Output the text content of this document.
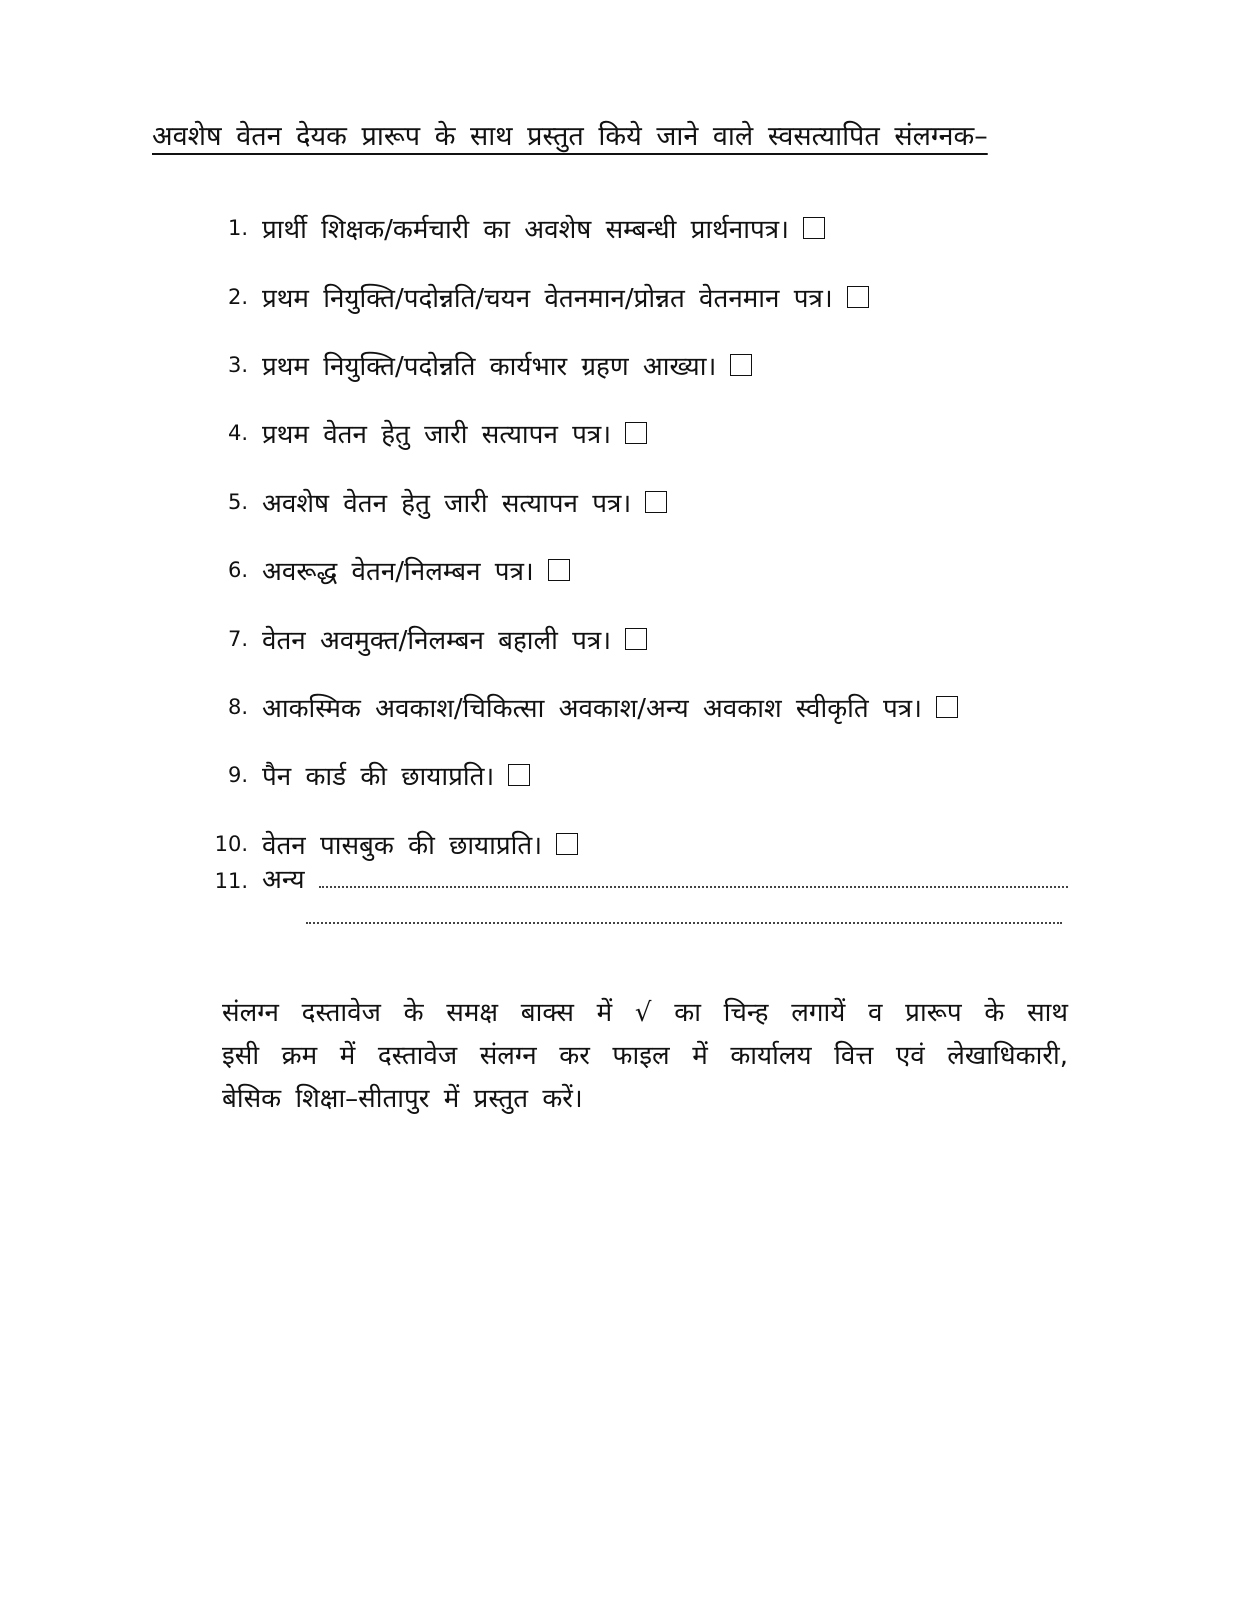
अवशेष वेतन देयक प्रारूप के साथ प्रस्तुत किये जाने वाले स्वसत्यापित संलग्नक–
1. प्रार्थी शिक्षक/कर्मचारी का अवशेष सम्बन्धी प्रार्थनापत्र।
2. प्रथम नियुक्ति/पदोन्नति/चयन वेतनमान/प्रोन्नत वेतनमान पत्र।
3. प्रथम नियुक्ति/पदोन्नति कार्यभार ग्रहण आख्या।
4. प्रथम वेतन हेतु जारी सत्यापन पत्र।
5. अवशेष वेतन हेतु जारी सत्यापन पत्र।
6. अवरूद्ध वेतन/निलम्बन पत्र।
7. वेतन अवमुक्त/निलम्बन बहाली पत्र।
8. आकस्मिक अवकाश/चिकित्सा अवकाश/अन्य अवकाश स्वीकृति पत्र।
9. पैन कार्ड की छायाप्रति।
10. वेतन पासबुक की छायाप्रति।
11. अन्य
संलग्न दस्तावेज के समक्ष बाक्स में √ का चिन्ह लगायें व प्रारूप के साथ
इसी क्रम में दस्तावेज संलग्न कर फाइल में कार्यालय वित्त एवं लेखाधिकारी,
बेसिक शिक्षा–सीतापुर में प्रस्तुत करें।
